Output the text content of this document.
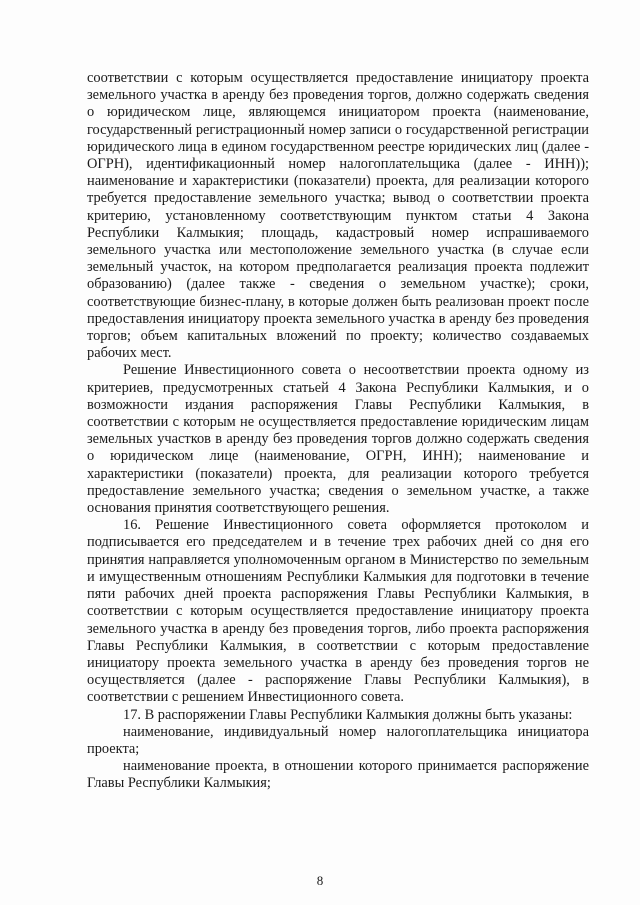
соответствии с которым осуществляется предоставление инициатору проекта земельного участка в аренду без проведения торгов, должно содержать сведения о юридическом лице, являющемся инициатором проекта (наименование, государственный регистрационный номер записи о государственной регистрации юридического лица в едином государственном реестре юридических лиц (далее - ОГРН), идентификационный номер налогоплательщика (далее - ИНН)); наименование и характеристики (показатели) проекта, для реализации которого требуется предоставление земельного участка; вывод о соответствии проекта критерию, установленному соответствующим пунктом статьи 4 Закона Республики Калмыкия; площадь, кадастровый номер испрашиваемого земельного участка или местоположение земельного участка (в случае если земельный участок, на котором предполагается реализация проекта подлежит образованию) (далее также - сведения о земельном участке); сроки, соответствующие бизнес-плану, в которые должен быть реализован проект после предоставления инициатору проекта земельного участка в аренду без проведения торгов; объем капитальных вложений по проекту; количество создаваемых рабочих мест.

Решение Инвестиционного совета о несоответствии проекта одному из критериев, предусмотренных статьей 4 Закона Республики Калмыкия, и о возможности издания распоряжения Главы Республики Калмыкия, в соответствии с которым не осуществляется предоставление юридическим лицам земельных участков в аренду без проведения торгов должно содержать сведения о юридическом лице (наименование, ОГРН, ИНН); наименование и характеристики (показатели) проекта, для реализации которого требуется предоставление земельного участка; сведения о земельном участке, а также основания принятия соответствующего решения.

16. Решение Инвестиционного совета оформляется протоколом и подписывается его председателем и в течение трех рабочих дней со дня его принятия направляется уполномоченным органом в Министерство по земельным и имущественным отношениям Республики Калмыкия для подготовки в течение пяти рабочих дней проекта распоряжения Главы Республики Калмыкия, в соответствии с которым осуществляется предоставление инициатору проекта земельного участка в аренду без проведения торгов, либо проекта распоряжения Главы Республики Калмыкия, в соответствии с которым предоставление инициатору проекта земельного участка в аренду без проведения торгов не осуществляется (далее - распоряжение Главы Республики Калмыкия), в соответствии с решением Инвестиционного совета.

17. В распоряжении Главы Республики Калмыкия должны быть указаны:

наименование, индивидуальный номер налогоплательщика инициатора проекта;

наименование проекта, в отношении которого принимается распоряжение Главы Республики Калмыкия;

8
